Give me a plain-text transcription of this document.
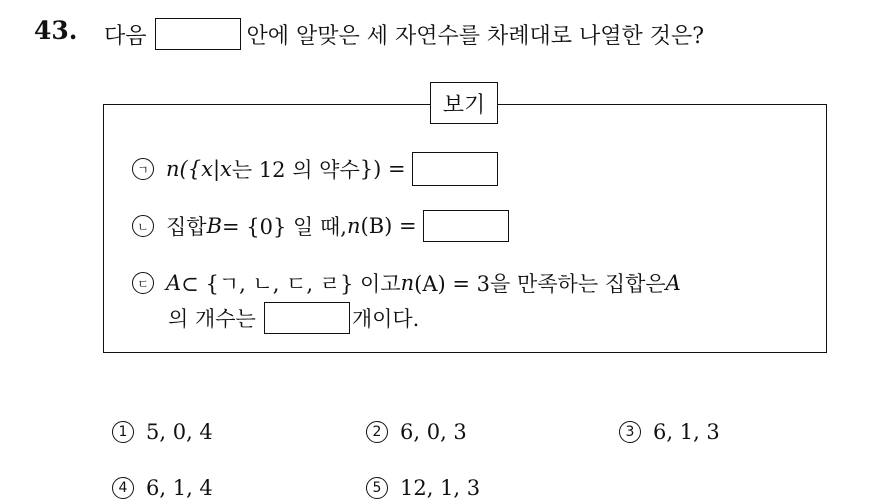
43. 다음	안에 알맞은 세 자연수를 차례대로 나열한 것은?
보기
ㄱ n({ x | x 는 12 의 약수 }) =
ㄴ 집합 B = {0} 일 때, n (B) =
ㄷ A ⊂ {ㄱ, ㄴ, ㄷ, ㄹ} 이고 n (A) = 3을 만족하는 집합은 A
의 개수는	개이다.
1 5, 0, 4	2 6, 0, 3	3 6, 1, 3
4 6, 1, 4	5 12, 1, 3
